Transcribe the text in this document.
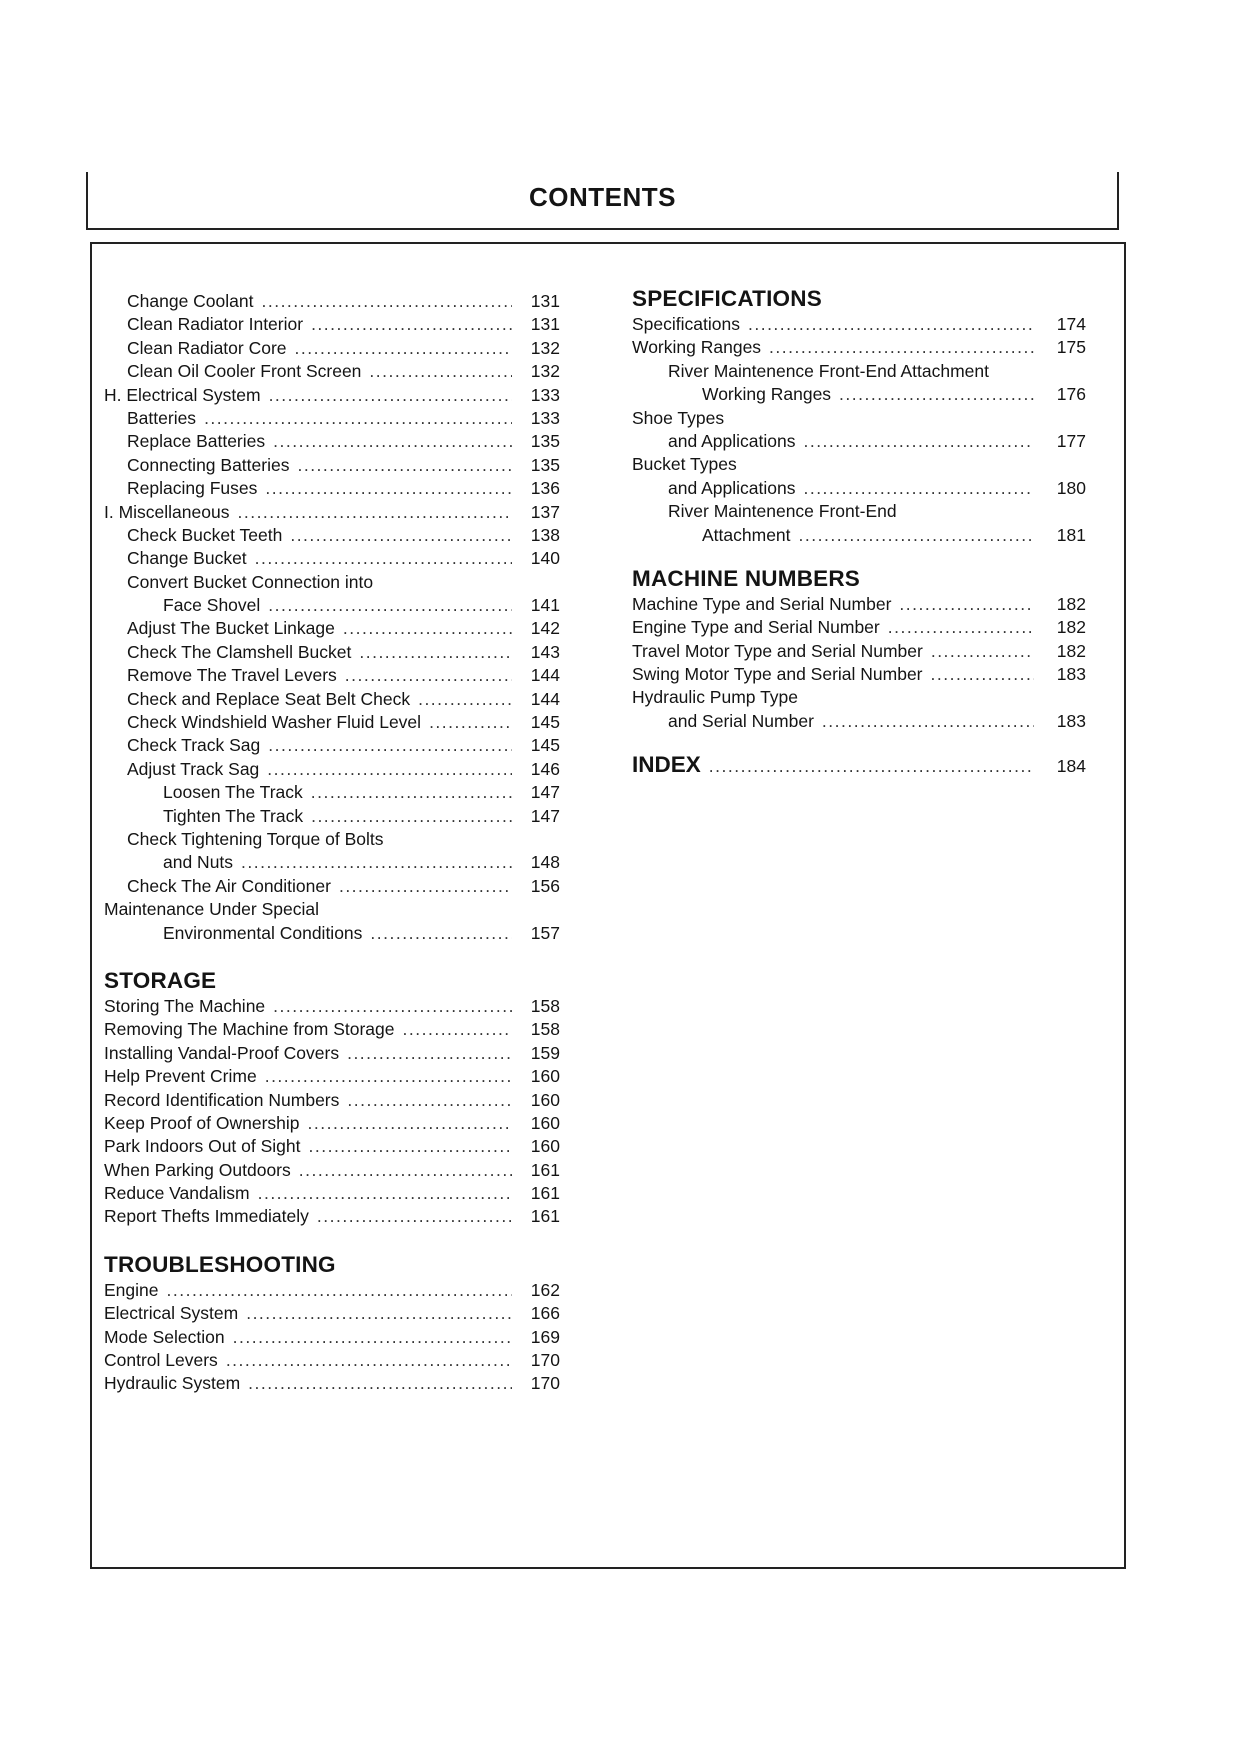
CONTENTS
Change Coolant .....	131
Clean Radiator Interior .....	131
Clean Radiator Core .....	132
Clean Oil Cooler Front Screen .....	132
H. Electrical System .....	133
Batteries .....	133
Replace Batteries .....	135
Connecting Batteries .....	135
Replacing Fuses .....	136
I. Miscellaneous .....	137
Check Bucket Teeth .....	138
Change Bucket .....	140
Convert Bucket Connection into
Face Shovel .....	141
Adjust The Bucket Linkage .....	142
Check The Clamshell Bucket .....	143
Remove The Travel Levers .....	144
Check and Replace Seat Belt Check .....	144
Check Windshield Washer Fluid Level .....	145
Check Track Sag .....	145
Adjust Track Sag .....	146
Loosen The Track .....	147
Tighten The Track .....	147
Check Tightening Torque of Bolts
and Nuts .....	148
Check The Air Conditioner .....	156
Maintenance Under Special
Environmental Conditions .....	157
STORAGE
Storing The Machine .....	158
Removing The Machine from Storage .....	158
Installing Vandal-Proof Covers .....	159
Help Prevent Crime .....	160
Record Identification Numbers .....	160
Keep Proof of Ownership .....	160
Park Indoors Out of Sight .....	160
When Parking Outdoors .....	161
Reduce Vandalism .....	161
Report Thefts Immediately .....	161
TROUBLESHOOTING
Engine .....	162
Electrical System .....	166
Mode Selection .....	169
Control Levers .....	170
Hydraulic System .....	170
SPECIFICATIONS
Specifications .....	174
Working Ranges .....	175
River Maintenence Front-End Attachment
Working Ranges .....	176
Shoe Types
and Applications .....	177
Bucket Types
and Applications .....	180
River Maintenence Front-End
Attachment .....	181
MACHINE NUMBERS
Machine Type and Serial Number .....	182
Engine Type and Serial Number .....	182
Travel Motor Type and Serial Number .....	182
Swing Motor Type and Serial Number .....	183
Hydraulic Pump Type
and Serial Number .....	183
INDEX .....	184
